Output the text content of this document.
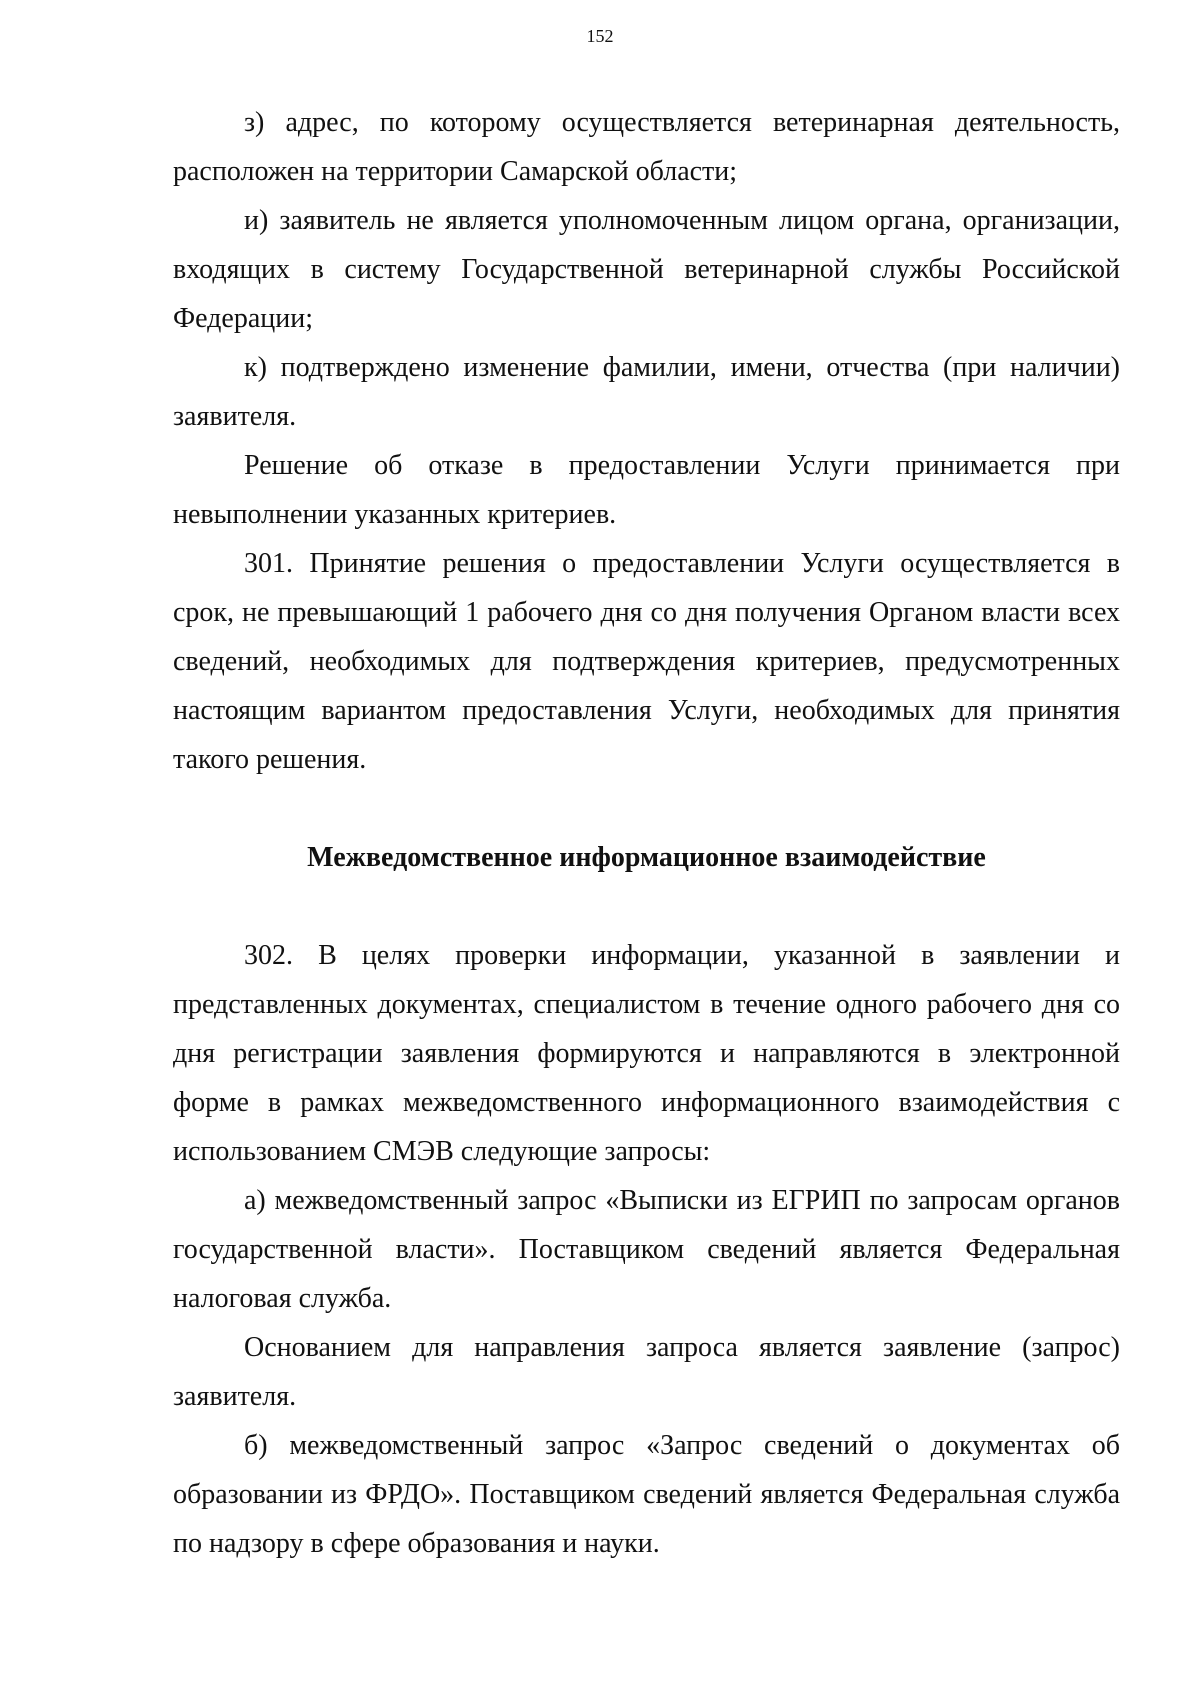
152

з) адрес, по которому осуществляется ветеринарная деятельность, расположен на территории Самарской области;

и) заявитель не является уполномоченным лицом органа, организации, входящих в систему Государственной ветеринарной службы Российской Федерации;

к) подтверждено изменение фамилии, имени, отчества (при наличии) заявителя.

Решение об отказе в предоставлении Услуги принимается при невыполнении указанных критериев.

301. Принятие решения о предоставлении Услуги осуществляется в срок, не превышающий 1 рабочего дня со дня получения Органом власти всех сведений, необходимых для подтверждения критериев, предусмотренных настоящим вариантом предоставления Услуги, необходимых для принятия такого решения.

Межведомственное информационное взаимодействие

302. В целях проверки информации, указанной в заявлении и представленных документах, специалистом в течение одного рабочего дня со дня регистрации заявления формируются и направляются в электронной форме в рамках межведомственного информационного взаимодействия с использованием СМЭВ следующие запросы:

а) межведомственный запрос «Выписки из ЕГРИП по запросам органов государственной власти». Поставщиком сведений является Федеральная налоговая служба.

Основанием для направления запроса является заявление (запрос) заявителя.

б) межведомственный запрос «Запрос сведений о документах об образовании из ФРДО». Поставщиком сведений является Федеральная служба по надзору в сфере образования и науки.
